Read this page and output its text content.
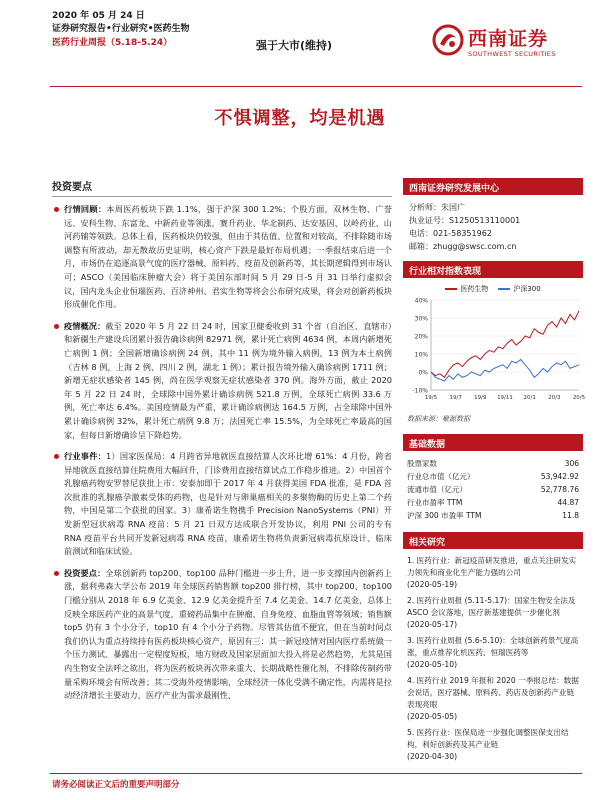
2020 年 05 月 24 日
证券研究报告•行业研究•医药生物
医药行业周报（5.18-5.24）	强于大市(维持)	西南证券
SOUTHWEST SECURITIES
不惧调整，均是机遇
投资要点
行情回顾：本周医药板块下跌 1.1%，强于沪深 300 1.2%；个股方面，双林生物、广誉远、安科生物、东富龙、中新药业等领涨，赛升药业、华北制药、达安基因、以岭药业、山河药辅等领跌。总体上看，医药板块仍较强，但由于其估值、位置和对较高，不排除随市场调整有所波动，却无散故历史证明，核心资产下跌是最好布局机遇；一季报结束后进一个月，市场仍在追逐高景气度的医疗器械、原料药、疫苗及创新药等，其长期逻辑得到市场认可；ASCO（美国临床肿瘤大会）将于美国东部时间 5 月 29 日-5 月 31 日举行虚拟会议，国内龙头企业恒瑞医药、百济神州、君实生物等将会公布研究成果，将会对创新药板块形成催化作用。
疫情概况：截至 2020 年 5 月 22 日 24 时，国家卫健委收到 31 个省（自治区、直辖市）和新疆生产建设兵团累计报告确诊病例 82971 例，累计死亡病例 4634 例，本周内新增死亡病例 1 例；全国新增确诊病例 24 例，其中 11 例为境外输入病例，13 例为本土病例（吉林 8 例，上海 2 例，四川 2 例，湖北 1 例）；累计报告境外输入确诊病例 1711 例；新增无症状感染者 145 例，尚在医学观察无症状感染者 370 例。海外方面，截止 2020 年 5 月 22 日 24 时，全球除中国外累计确诊病例 521.8 万例，全球死亡病例 33.6 万例，死亡率达 6.4%。美国疫情最为严重，累计确诊病例达 164.5 万例，占全球除中国外累计确诊病例 32%，累计死亡病例 9.8 万；法国死亡率 15.5%，为全球死亡率最高的国家，但每日新增确诊呈下降趋势。
行业事件：1）国家医保局：4 月跨省异地就医直接结算人次环比增 61%：4 月份，跨省异地就医直接结算住院费用大幅回升，门诊费用直接结算试点工作稳步推进。2）中国首个乳腺癌药物安罗替尼获批上市：安泰加即于 2017 年 4 月获得美国 FDA 批准，是 FDA 首次批准的乳腺癌孕激素受体的药物，也是针对与卵巢癌相关的多聚物酶的历史上第二个药物，中国是第二个获批的国家。3）康希诺生物携手 Precision NanoSystems（PNI）开发新型冠状病毒 RNA 疫苗：5 月 21 日双方达成联合开发协议，利用 PNI 公司的专有 RNA 疫苗平台共同开发新冠病毒 RNA 疫苗，康希诺生物将负责新冠病毒抗原设计、临床前测试和临床试验。
投资要点：全球创新药 top200、top100 品种门槛进一步上升，进一步支撑国内创新药上涨，据利弗森大学公布 2019 年全球医药销售额 top200 排行榜，其中 top200、top100 门槛分别从 2018 年 6.9 亿美金、12.9 亿美金提升至 7.4 亿美金、14.7 亿美金，总体上反映全球医药产业的高景气度，重磅药品集中在肿瘤、自身免疫、血脂血管等领域；销售额 top5 仍有 3 个小分子，top10 有 4 个小分子药物。尽管其估值不便宜，但在当前时间点我们仍认为重点持续持有医药板块核心资产，原因有三：其一新冠疫情对国内医疗系统做一个压力测试、暴露出一定程度短板，地方财政及国家层面加大投入将是必然趋势，尤其是国内生物安全法呼之欲出，将为医药板块再次带来重大、长期战略性催化剂，不排除传制药带量采购环境会有所改善；其二受海外疫情影响，全球经济一体化受满不确定性，内需将是拉动经济增长主要动力，医疗产业为需求最刚性、
西南证券研究发展中心
分析师：朱国广
执业证号：S1250513110001
电话：021-58351962
邮箱：zhugg@swsc.com.cn
行业相对指数表现
医药生物	沪深300
40%
30%
20%
10%
0%
-10%
19/5 19/7 19/9 19/11 20/1 20/3 20/5
数据来源：聚源数据
基础数据
股票家数	306
行业总市值（亿元）	53,942.92
流通市值（亿元）	52,778.76
行业市盈率 TTM	44.87
沪深 300 市盈率 TTM	11.8
相关研究
1. 医药行业：新冠疫苗研发推进，重点关注研发实力领先和商业化生产能力强的公司
(2020-05-19)
2. 医药行业周报 (5.11-5.17)：国家生物安全法及 ASCO 会议落地，医疗新基建提供一步催化剂
(2020-05-17)
3. 医药行业周报 (5.6-5.10)：全球创新药景气度高涨，重点推荐化机医药、恒瑞医药等
(2020-05-10)
4. 医药行业 2019 年报和 2020 一季报总结：数据会说话，医疗器械、原料药、药店及创新药产业链表现亮眼
(2020-05-05)
5. 医药行业：医保局进一步强化调整医保支出结构，利好创新药及其产业链
(2020-04-30)
请务必阅读正文后的重要声明部分
